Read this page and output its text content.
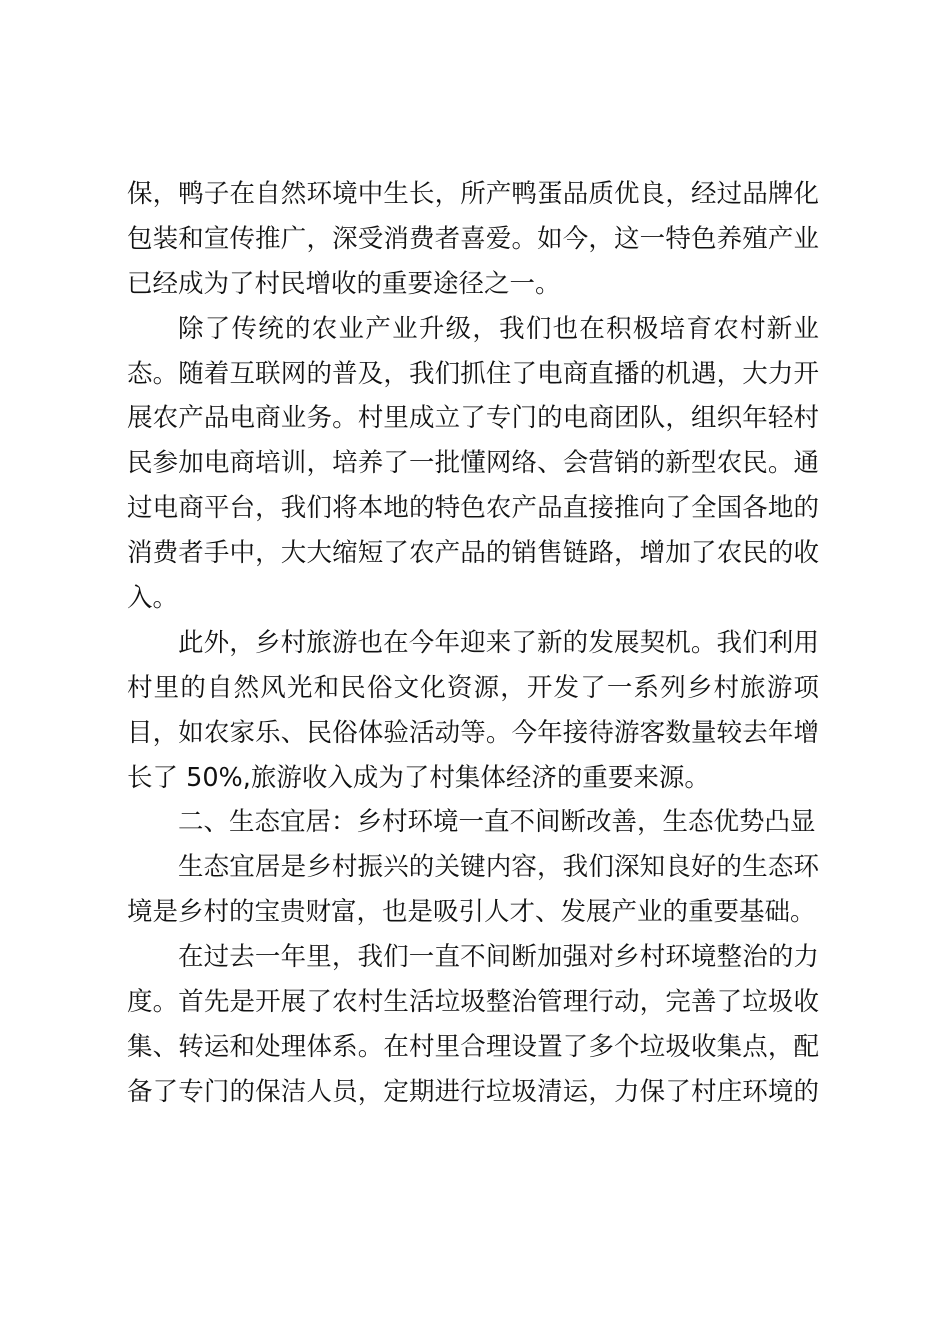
保，鸭子在自然环境中生长，所产鸭蛋品质优良，经过品牌化
包装和宣传推广，深受消费者喜爱。如今，这一特色养殖产业
已经成为了村民增收的重要途径之一。
除了传统的农业产业升级，我们也在积极培育农村新业
态。随着互联网的普及，我们抓住了电商直播的机遇，大力开
展农产品电商业务。村里成立了专门的电商团队，组织年轻村
民参加电商培训，培养了一批懂网络、会营销的新型农民。通
过电商平台，我们将本地的特色农产品直接推向了全国各地的
消费者手中，大大缩短了农产品的销售链路，增加了农民的收
入。
此外，乡村旅游也在今年迎来了新的发展契机。我们利用
村里的自然风光和民俗文化资源，开发了一系列乡村旅游项
目，如农家乐、民俗体验活动等。今年接待游客数量较去年增
长了 50%,旅游收入成为了村集体经济的重要来源。
二、生态宜居：乡村环境一直不间断改善，生态优势凸显
生态宜居是乡村振兴的关键内容，我们深知良好的生态环
境是乡村的宝贵财富，也是吸引人才、发展产业的重要基础。
在过去一年里，我们一直不间断加强对乡村环境整治的力
度。首先是开展了农村生活垃圾整治管理行动，完善了垃圾收
集、转运和处理体系。在村里合理设置了多个垃圾收集点，配
备了专门的保洁人员，定期进行垃圾清运，力保了村庄环境的
